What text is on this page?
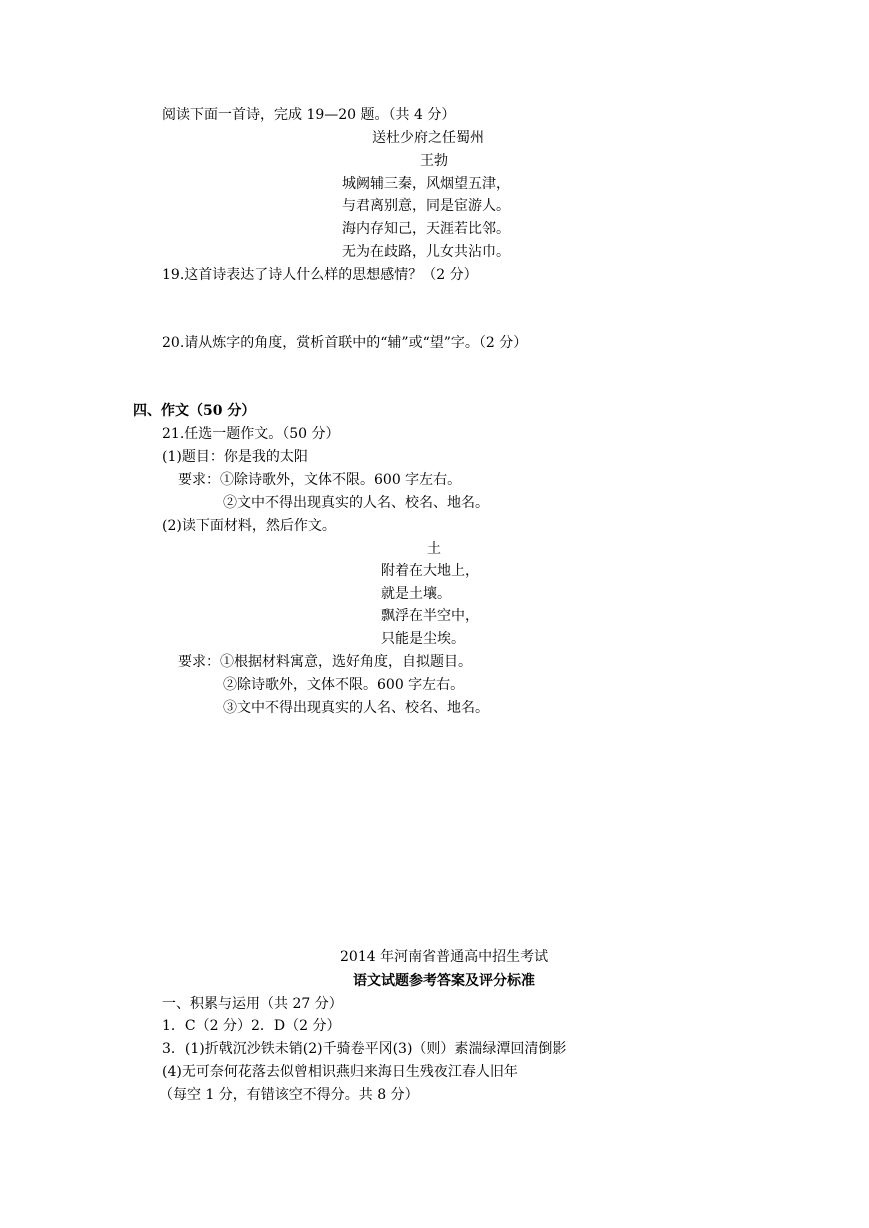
阅读下面一首诗，完成 19—20 题。（共 4 分）
送杜少府之任蜀州
王勃
城阙辅三秦，风烟望五津，
与君离别意，同是宦游人。
海内存知己，天涯若比邻。
无为在歧路，儿女共沾巾。
19.这首诗表达了诗人什么样的思想感情？（2 分）
20.请从炼字的角度，赏析首联中的“辅”或“望”字。（2 分）
四、作文（50 分）
21.任选一题作文。（50 分）
(1)题目：你是我的太阳
要求：①除诗歌外，文体不限。600 字左右。
②文中不得出现真实的人名、校名、地名。
(2)读下面材料，然后作文。
土
附着在大地上，
就是土壤。
飘浮在半空中，
只能是尘埃。
要求：①根据材料寓意，选好角度，自拟题目。
②除诗歌外，文体不限。600 字左右。
③文中不得出现真实的人名、校名、地名。
2014 年河南省普通高中招生考试
语文试题参考答案及评分标准
一、积累与运用（共 27 分）
1．C（2 分）2．D（2 分）
3．(1)折戟沉沙铁未销(2)千骑卷平冈(3)（则）素湍绿潭回清倒影
(4)无可奈何花落去似曾相识燕归来海日生残夜江春人旧年
（每空 1 分，有错该空不得分。共 8 分）
